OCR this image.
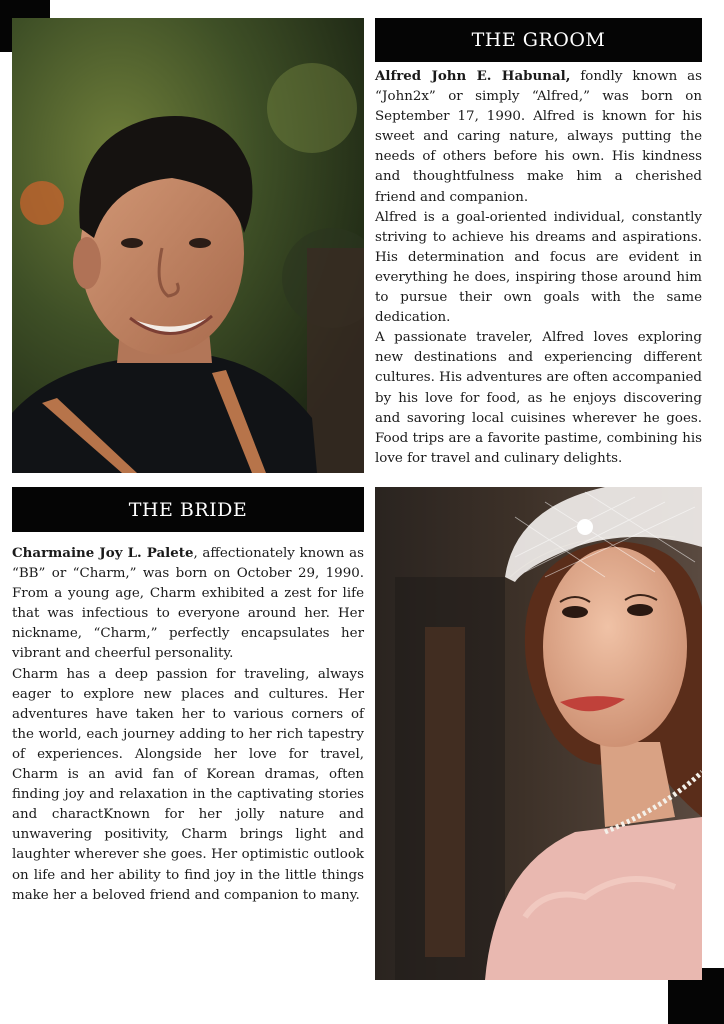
THE GROOM

Alfred John E. Habunal, fondly known as “John2x” or simply “Alfred,” was born on September 17, 1990. Alfred is known for his sweet and caring nature, always putting the needs of others before his own. His kindness and thoughtfulness make him a cherished friend and companion.

Alfred is a goal-oriented individual, constantly striving to achieve his dreams and aspirations. His determination and focus are evident in everything he does, inspiring those around him to pursue their own goals with the same dedication.

A passionate traveler, Alfred loves exploring new destinations and experiencing different cultures. His adventures are often accompanied by his love for food, as he enjoys discovering and savoring local cuisines wherever he goes. Food trips are a favorite pastime, combining his love for travel and culinary delights.

THE BRIDE

Charmaine Joy L. Palete, affectionately known as “BB” or “Charm,” was born on October 29, 1990. From a young age, Charm exhibited a zest for life that was infectious to everyone around her. Her nickname, “Charm,” perfectly encapsulates her vibrant and cheerful personality.

Charm has a deep passion for traveling, always eager to explore new places and cultures. Her adventures have taken her to various corners of the world, each journey adding to her rich tapestry of experiences. Alongside her love for travel, Charm is an avid fan of Korean dramas, often finding joy and relaxation in the captivating stories and charactKnown for her jolly nature and unwavering positivity, Charm brings light and laughter wherever she goes. Her optimistic outlook on life and her ability to find joy in the little things make her a beloved friend and companion to many.
